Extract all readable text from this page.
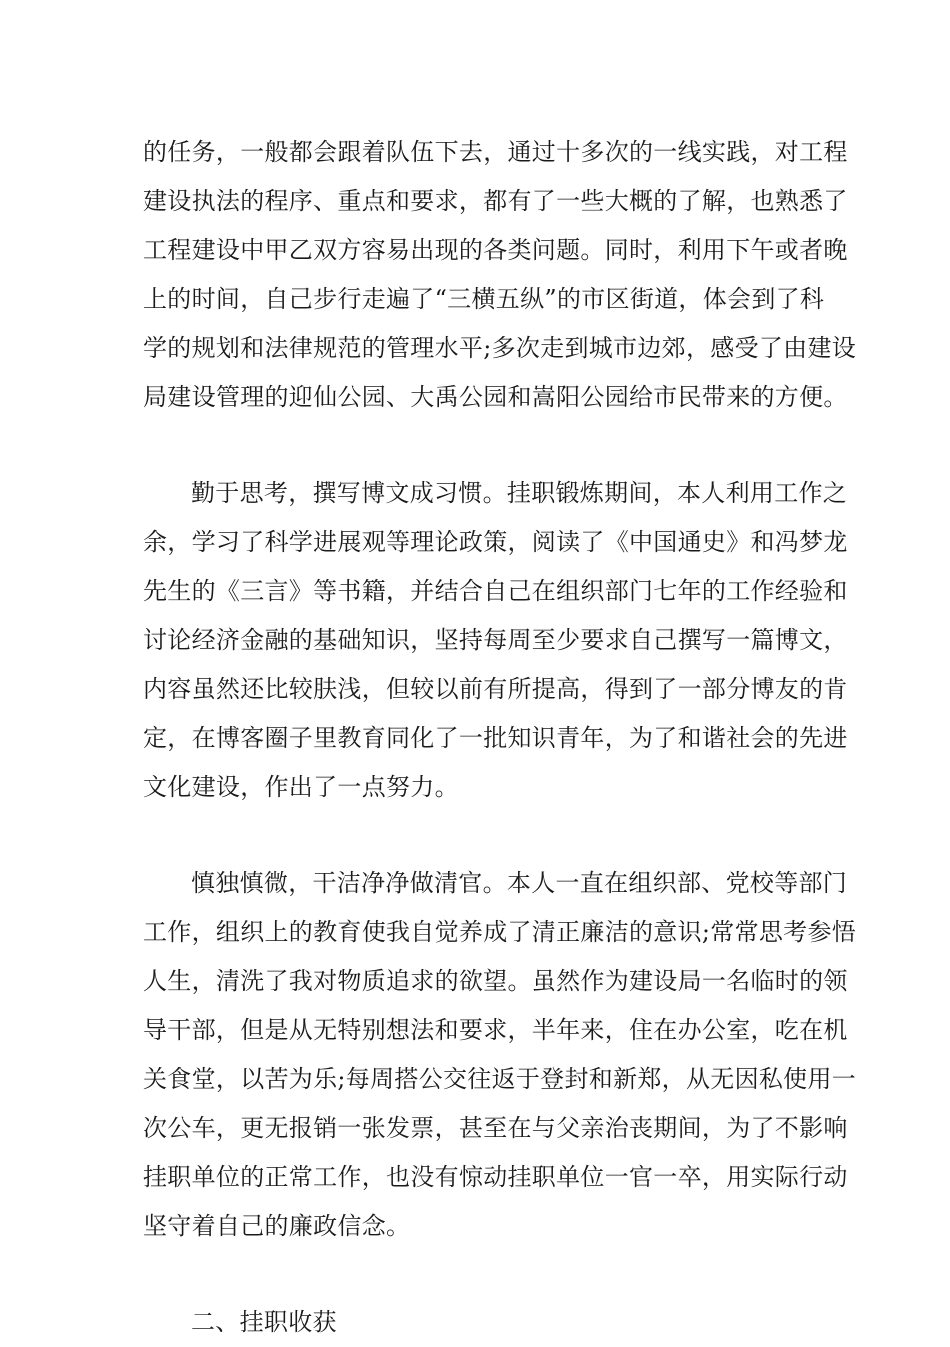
的任务，一般都会跟着队伍下去，通过十多次的一线实践，对工程
建设执法的程序、重点和要求，都有了一些大概的了解，也熟悉了
工程建设中甲乙双方容易出现的各类问题。同时，利用下午或者晚
上的时间，自己步行走遍了“三横五纵”的市区街道，体会到了科
学的规划和法律规范的管理水平;多次走到城市边郊，感受了由建设
局建设管理的迎仙公园、大禹公园和嵩阳公园给市民带来的方便。
勤于思考，撰写博文成习惯。挂职锻炼期间，本人利用工作之
余，学习了科学进展观等理论政策，阅读了《中国通史》和冯梦龙
先生的《三言》等书籍，并结合自己在组织部门七年的工作经验和
讨论经济金融的基础知识，坚持每周至少要求自己撰写一篇博文，
内容虽然还比较肤浅，但较以前有所提高，得到了一部分博友的肯
定，在博客圈子里教育同化了一批知识青年，为了和谐社会的先进
文化建设，作出了一点努力。
慎独慎微，干洁净净做清官。本人一直在组织部、党校等部门
工作，组织上的教育使我自觉养成了清正廉洁的意识;常常思考参悟
人生，清洗了我对物质追求的欲望。虽然作为建设局一名临时的领
导干部，但是从无特别想法和要求，半年来，住在办公室，吃在机
关食堂，以苦为乐;每周搭公交往返于登封和新郑，从无因私使用一
次公车，更无报销一张发票，甚至在与父亲治丧期间，为了不影响
挂职单位的正常工作，也没有惊动挂职单位一官一卒，用实际行动
坚守着自己的廉政信念。
二、挂职收获
